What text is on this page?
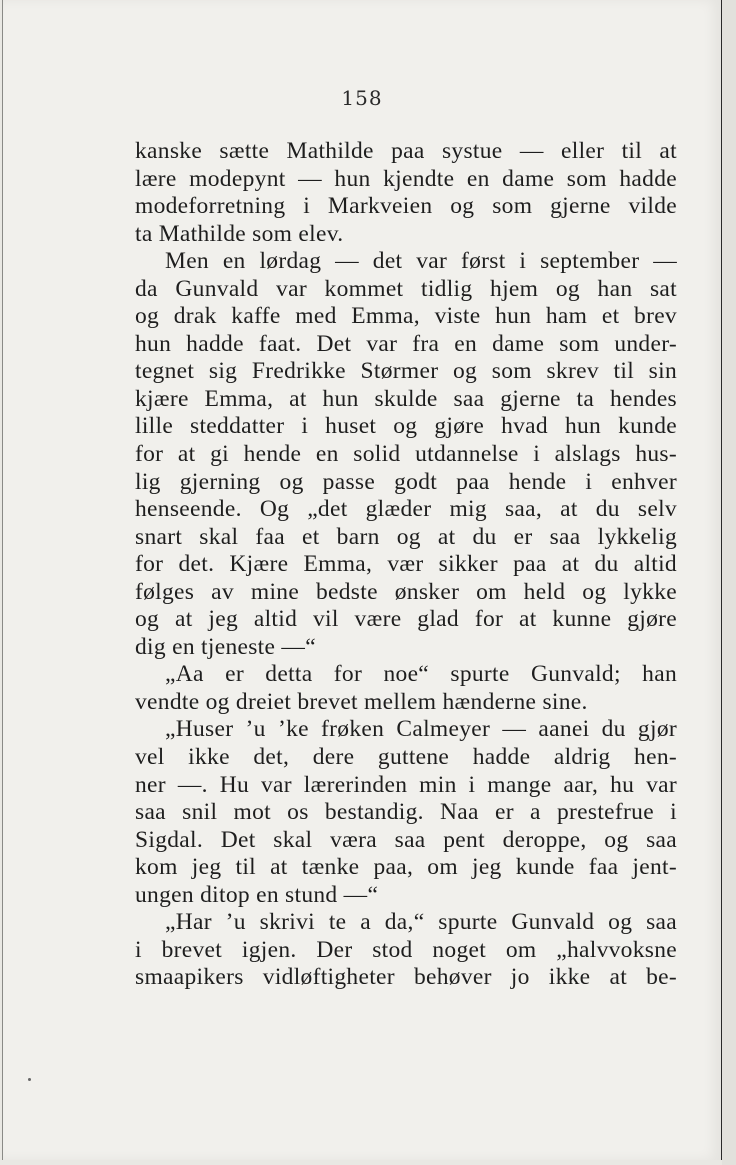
158
kanske sætte Mathilde paa systue — eller til at
lære modepynt — hun kjendte en dame som hadde
modeforretning i Markveien og som gjerne vilde
ta Mathilde som elev.
Men en lørdag — det var først i september —
da Gunvald var kommet tidlig hjem og han sat
og drak kaffe med Emma, viste hun ham et brev
hun hadde faat. Det var fra en dame som under-
tegnet sig Fredrikke Størmer og som skrev til sin
kjære Emma, at hun skulde saa gjerne ta hendes
lille steddatter i huset og gjøre hvad hun kunde
for at gi hende en solid utdannelse i alslags hus-
lig gjerning og passe godt paa hende i enhver
henseende. Og „det glæder mig saa, at du selv
snart skal faa et barn og at du er saa lykkelig
for det. Kjære Emma, vær sikker paa at du altid
følges av mine bedste ønsker om held og lykke
og at jeg altid vil være glad for at kunne gjøre
dig en tjeneste —“
„Aa er detta for noe“ spurte Gunvald; han
vendte og dreiet brevet mellem hænderne sine.
„Huser ’u ’ke frøken Calmeyer — aanei du gjør
vel ikke det, dere guttene hadde aldrig hen-
ner —. Hu var lærerinden min i mange aar, hu var
saa snil mot os bestandig. Naa er a prestefrue i
Sigdal. Det skal væra saa pent deroppe, og saa
kom jeg til at tænke paa, om jeg kunde faa jent-
ungen ditop en stund —“
„Har ’u skrivi te a da,“ spurte Gunvald og saa
i brevet igjen. Der stod noget om „halvvoksne
smaapikers vidløftigheter behøver jo ikke at be-
